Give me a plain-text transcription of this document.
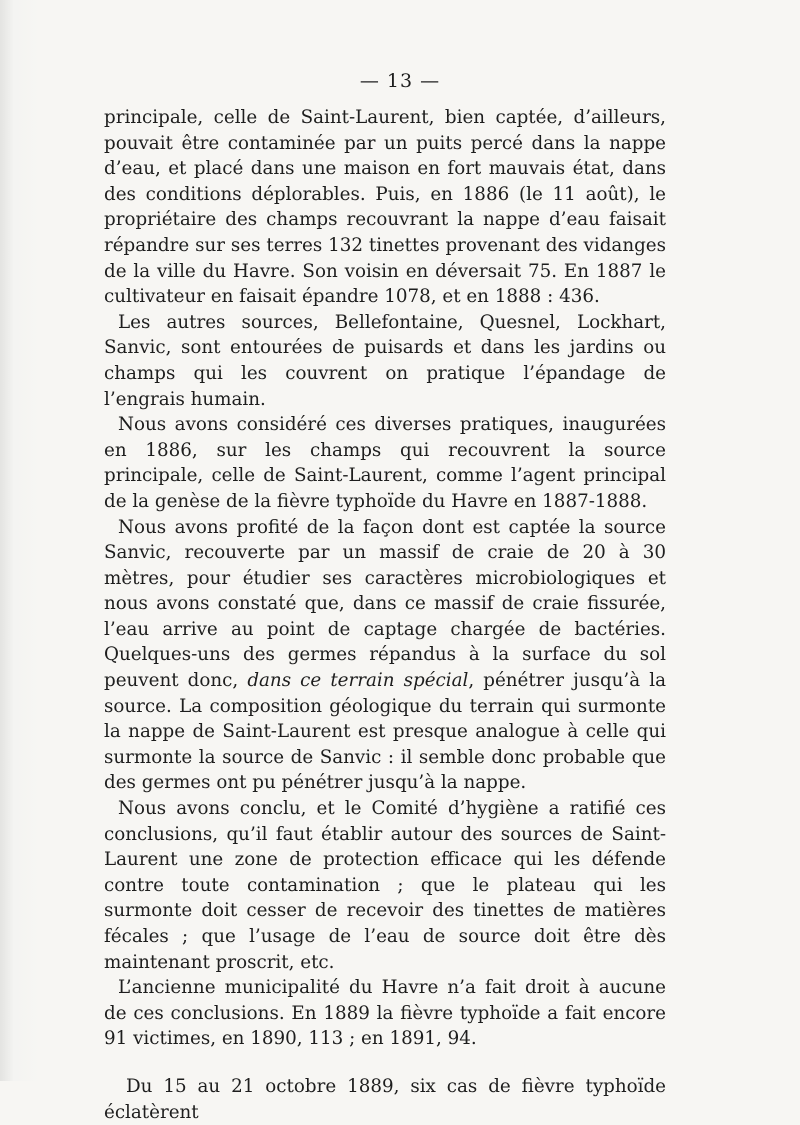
— 13 —

principale, celle de Saint-Laurent, bien captée, d’ailleurs, pouvait être contaminée par un puits percé dans la nappe d’eau, et placé dans une maison en fort mauvais état, dans des conditions déplorables. Puis, en 1886 (le 11 août), le propriétaire des champs recouvrant la nappe d’eau faisait répandre sur ses terres 132 tinettes provenant des vidanges de la ville du Havre. Son voisin en déversait 75. En 1887 le cultivateur en faisait épandre 1078, et en 1888 : 436.

Les autres sources, Bellefontaine, Quesnel, Lockhart, Sanvic, sont entourées de puisards et dans les jardins ou champs qui les couvrent on pratique l’épandage de l’engrais humain.

Nous avons considéré ces diverses pratiques, inaugurées en 1886, sur les champs qui recouvrent la source principale, celle de Saint-Laurent, comme l’agent principal de la genèse de la fièvre typhoïde du Havre en 1887-1888.

Nous avons profité de la façon dont est captée la source Sanvic, recouverte par un massif de craie de 20 à 30 mètres, pour étudier ses caractères microbiologiques et nous avons constaté que, dans ce massif de craie fissurée, l’eau arrive au point de captage chargée de bactéries. Quelques-uns des germes répandus à la surface du sol peuvent donc, dans ce terrain spécial, pénétrer jusqu’à la source. La composition géologique du terrain qui surmonte la nappe de Saint-Laurent est presque analogue à celle qui surmonte la source de Sanvic : il semble donc probable que des germes ont pu pénétrer jusqu’à la nappe.

Nous avons conclu, et le Comité d’hygiène a ratifié ces conclusions, qu’il faut établir autour des sources de Saint-Laurent une zone de protection efficace qui les défende contre toute contamination ; que le plateau qui les surmonte doit cesser de recevoir des tinettes de matières fécales ; que l’usage de l’eau de source doit être dès maintenant proscrit, etc.

L’ancienne municipalité du Havre n’a fait droit à aucune de ces conclusions. En 1889 la fièvre typhoïde a fait encore 91 victimes, en 1890, 113 ; en 1891, 94.

Du 15 au 21 octobre 1889, six cas de fièvre typhoïde éclatèrent
